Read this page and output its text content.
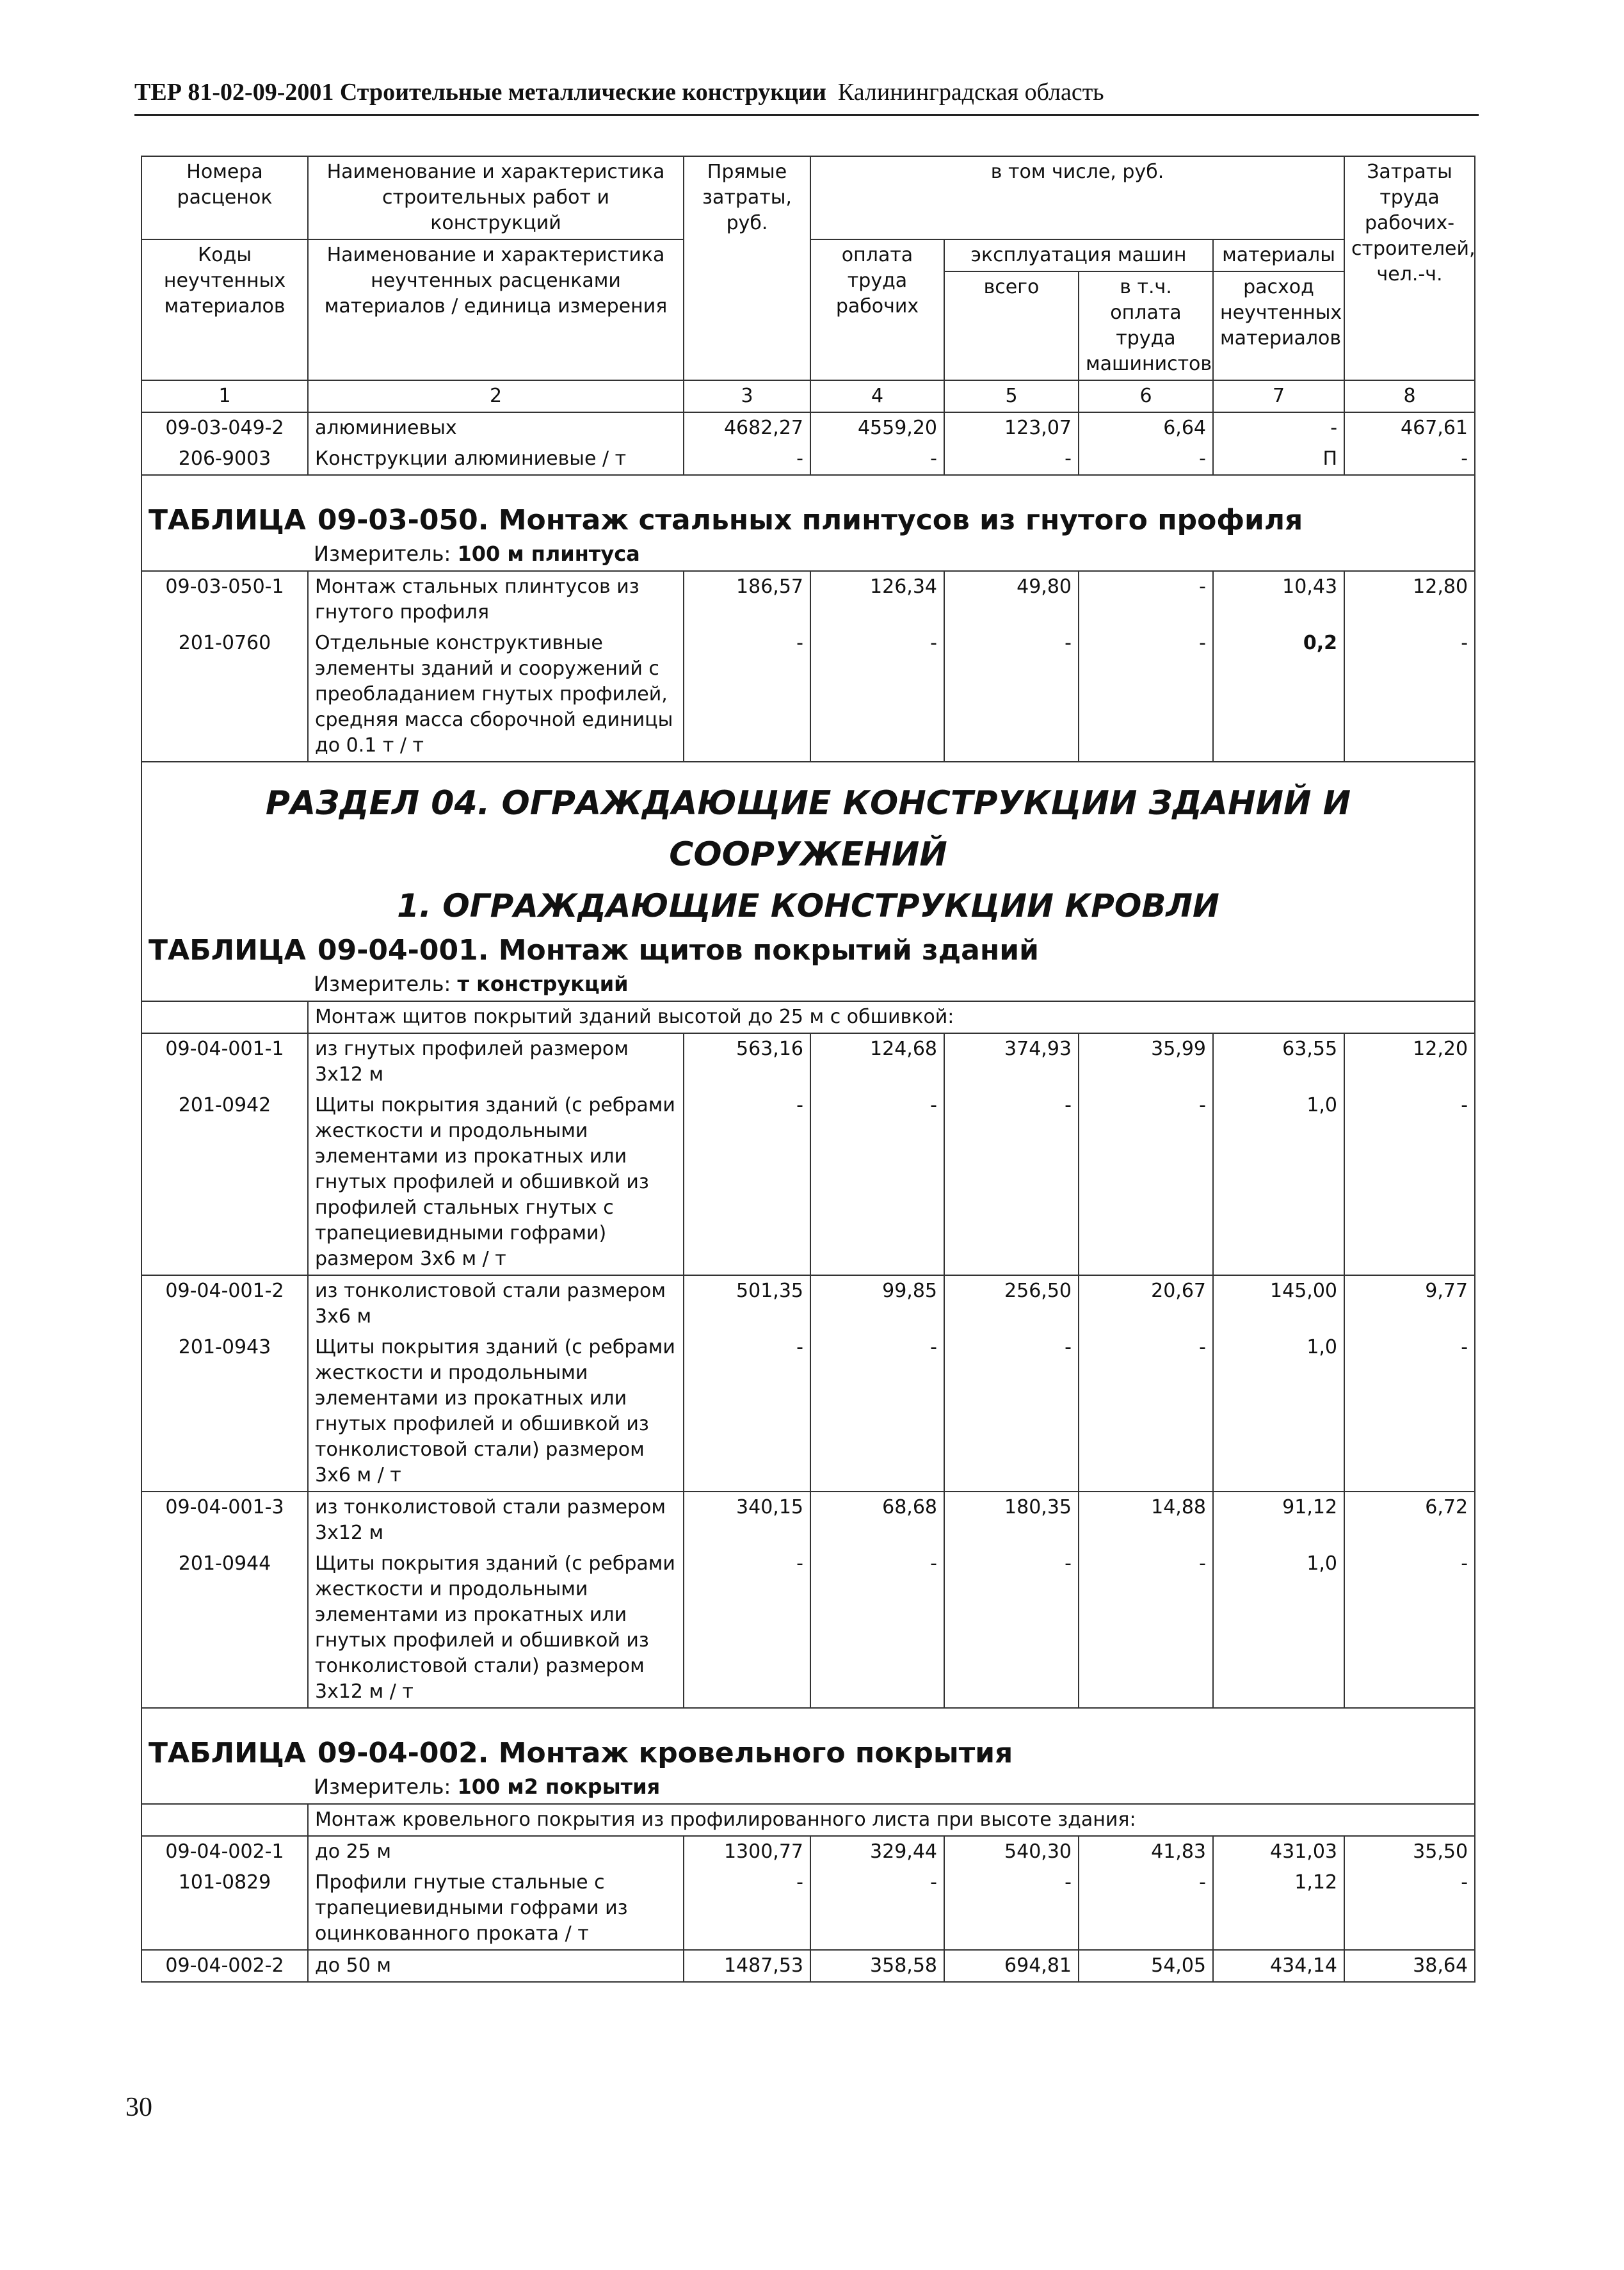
ТЕР 81-02-09-2001 Строительные металлические конструкции Калининградская область
Номера расценок	Наименование и характеристика строительных работ и конструкций	Прямые затраты, руб.	в том числе, руб.				Затраты труда рабочих-строителей, чел.-ч.
Коды неучтенных материалов	Наименование и характеристика неучтенных расценками материалов / единица измерения		оплата труда рабочих	эксплуатация машин		материалы	
				всего	в т.ч. оплата труда машинистов	расход неучтенных материалов	
1	2	3	4	5	6	7	8
09-03-049-2	алюминиевых	4682,27	4559,20	123,07	6,64	-	467,61
206-9003	Конструкции алюминиевые / т	-	-	-	-	П	-

ТАБЛИЦА 09-03-050. Монтаж стальных плинтусов из гнутого профиля
Измеритель: 100 м плинтуса							

09-03-050-1	Монтаж стальных плинтусов из гнутого профиля	186,57	126,34	49,80	-	10,43	12,80
201-0760	Отдельные конструктивные элементы зданий и сооружений с преобладанием гнутых профилей, средняя масса сборочной единицы до 0.1 т / т	-	-	-	-	0,2	-

РАЗДЕЛ 04. ОГРАЖДАЮЩИЕ КОНСТРУКЦИИ ЗДАНИЙ И СООРУЖЕНИЙ
1. ОГРАЖДАЮЩИЕ КОНСТРУКЦИИ КРОВЛИ
ТАБЛИЦА 09-04-001. Монтаж щитов покрытий зданий
Измеритель: т конструкций							

	Монтаж щитов покрытий зданий высотой до 25 м с обшивкой:						
09-04-001-1	из гнутых профилей размером 3х12 м	563,16	124,68	374,93	35,99	63,55	12,20
201-0942	Щиты покрытия зданий (с ребрами жесткости и продольными элементами из прокатных или гнутых профилей и обшивкой из профилей стальных гнутых с трапециевидными гофрами) размером 3х6 м / т	-	-	-	-	1,0	-
09-04-001-2	из тонколистовой стали размером 3х6 м	501,35	99,85	256,50	20,67	145,00	9,77
201-0943	Щиты покрытия зданий (с ребрами жесткости и продольными элементами из прокатных или гнутых профилей и обшивкой из тонколистовой стали) размером 3х6 м / т	-	-	-	-	1,0	-
09-04-001-3	из тонколистовой стали размером 3х12 м	340,15	68,68	180,35	14,88	91,12	6,72
201-0944	Щиты покрытия зданий (с ребрами жесткости и продольными элементами из прокатных или гнутых профилей и обшивкой из тонколистовой стали) размером 3х12 м / т	-	-	-	-	1,0	-

ТАБЛИЦА 09-04-002. Монтаж кровельного покрытия
Измеритель: 100 м2 покрытия							

	Монтаж кровельного покрытия из профилированного листа при высоте здания:						
09-04-002-1	до 25 м	1300,77	329,44	540,30	41,83	431,03	35,50
101-0829	Профили гнутые стальные с трапециевидными гофрами из оцинкованного проката / т	-	-	-	-	1,12	-
09-04-002-2	до 50 м	1487,53	358,58	694,81	54,05	434,14	38,64
30
